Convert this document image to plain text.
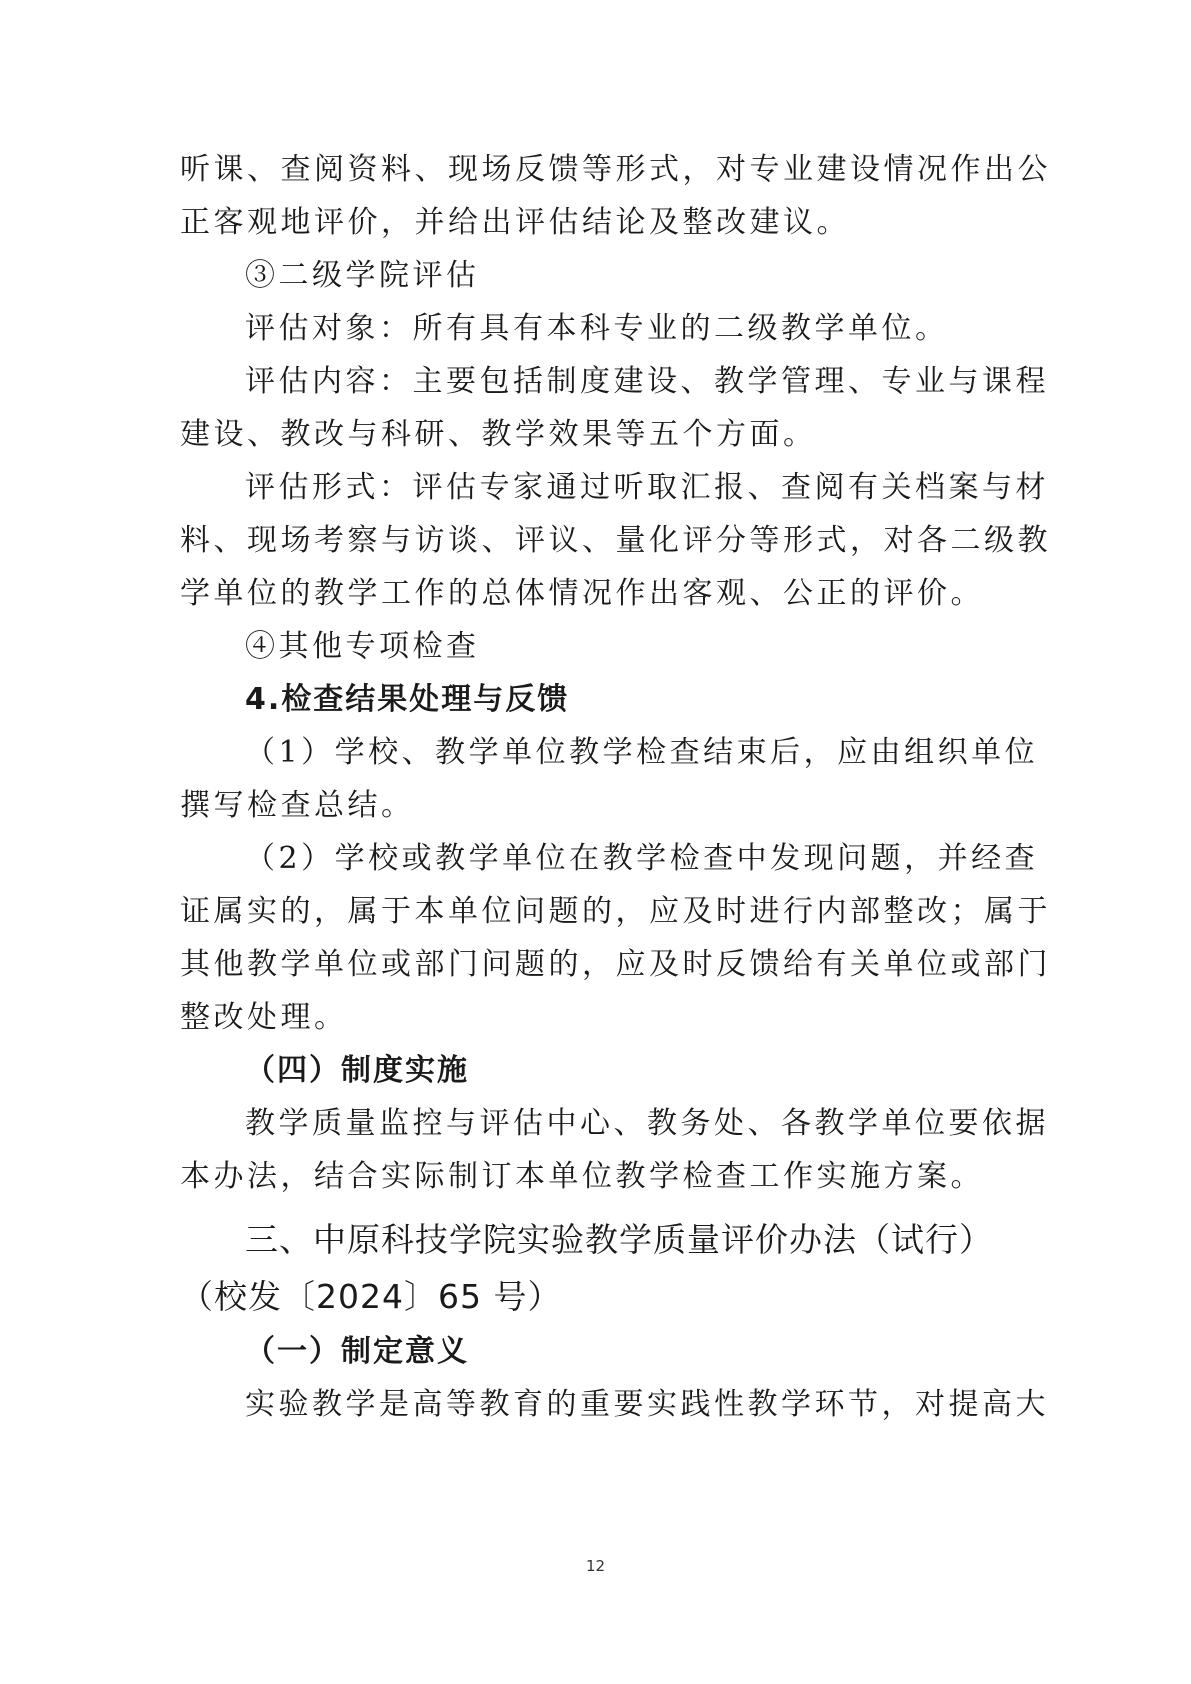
听课、查阅资料、现场反馈等形式，对专业建设情况作出公
正客观地评价，并给出评估结论及整改建议。
③二级学院评估
评估对象：所有具有本科专业的二级教学单位。
评估内容：主要包括制度建设、教学管理、专业与课程
建设、教改与科研、教学效果等五个方面。
评估形式：评估专家通过听取汇报、查阅有关档案与材
料、现场考察与访谈、评议、量化评分等形式，对各二级教
学单位的教学工作的总体情况作出客观、公正的评价。
④其他专项检查
4.检查结果处理与反馈
（1）学校、教学单位教学检查结束后，应由组织单位
撰写检查总结。
（2）学校或教学单位在教学检查中发现问题，并经查
证属实的，属于本单位问题的，应及时进行内部整改；属于
其他教学单位或部门问题的，应及时反馈给有关单位或部门
整改处理。
（四）制度实施
教学质量监控与评估中心、教务处、各教学单位要依据
本办法，结合实际制订本单位教学检查工作实施方案。
三、中原科技学院实验教学质量评价办法（试行）
（校发〔2024〕65 号）
（一）制定意义
实验教学是高等教育的重要实践性教学环节，对提高大
12
